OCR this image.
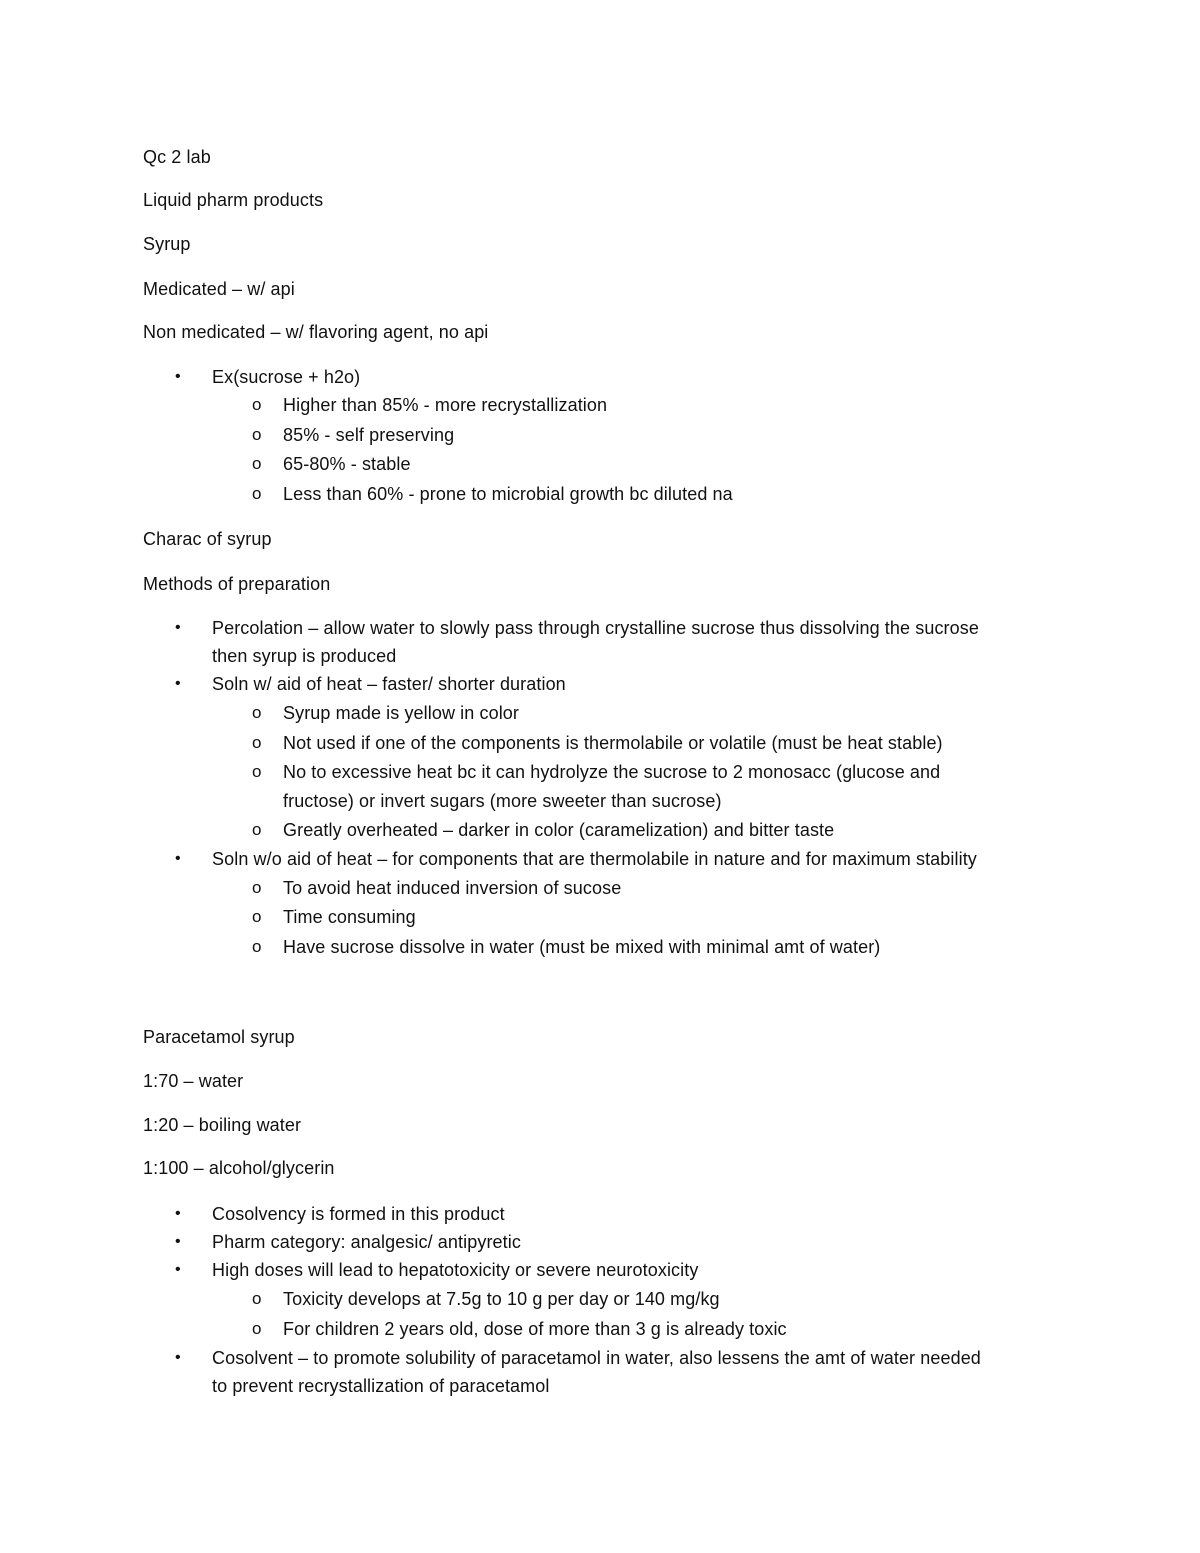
Qc 2 lab
Liquid pharm products
Syrup
Medicated – w/ api
Non medicated – w/ flavoring agent, no api
• Ex(sucrose + h2o)
o Higher than 85% - more recrystallization
o 85% - self preserving
o 65-80% - stable
o Less than 60% - prone to microbial growth bc diluted na
Charac of syrup
Methods of preparation
• Percolation – allow water to slowly pass through crystalline sucrose thus dissolving the sucrose
then syrup is produced
• Soln w/ aid of heat – faster/ shorter duration
o Syrup made is yellow in color
o Not used if one of the components is thermolabile or volatile (must be heat stable)
o No to excessive heat bc it can hydrolyze the sucrose to 2 monosacc (glucose and
fructose) or invert sugars (more sweeter than sucrose)
o Greatly overheated – darker in color (caramelization) and bitter taste
• Soln w/o aid of heat – for components that are thermolabile in nature and for maximum stability
o To avoid heat induced inversion of sucose
o Time consuming
o Have sucrose dissolve in water (must be mixed with minimal amt of water)
Paracetamol syrup
1:70 – water
1:20 – boiling water
1:100 – alcohol/glycerin
• Cosolvency is formed in this product
• Pharm category: analgesic/ antipyretic
• High doses will lead to hepatotoxicity or severe neurotoxicity
o Toxicity develops at 7.5g to 10 g per day or 140 mg/kg
o For children 2 years old, dose of more than 3 g is already toxic
• Cosolvent – to promote solubility of paracetamol in water, also lessens the amt of water needed
to prevent recrystallization of paracetamol
